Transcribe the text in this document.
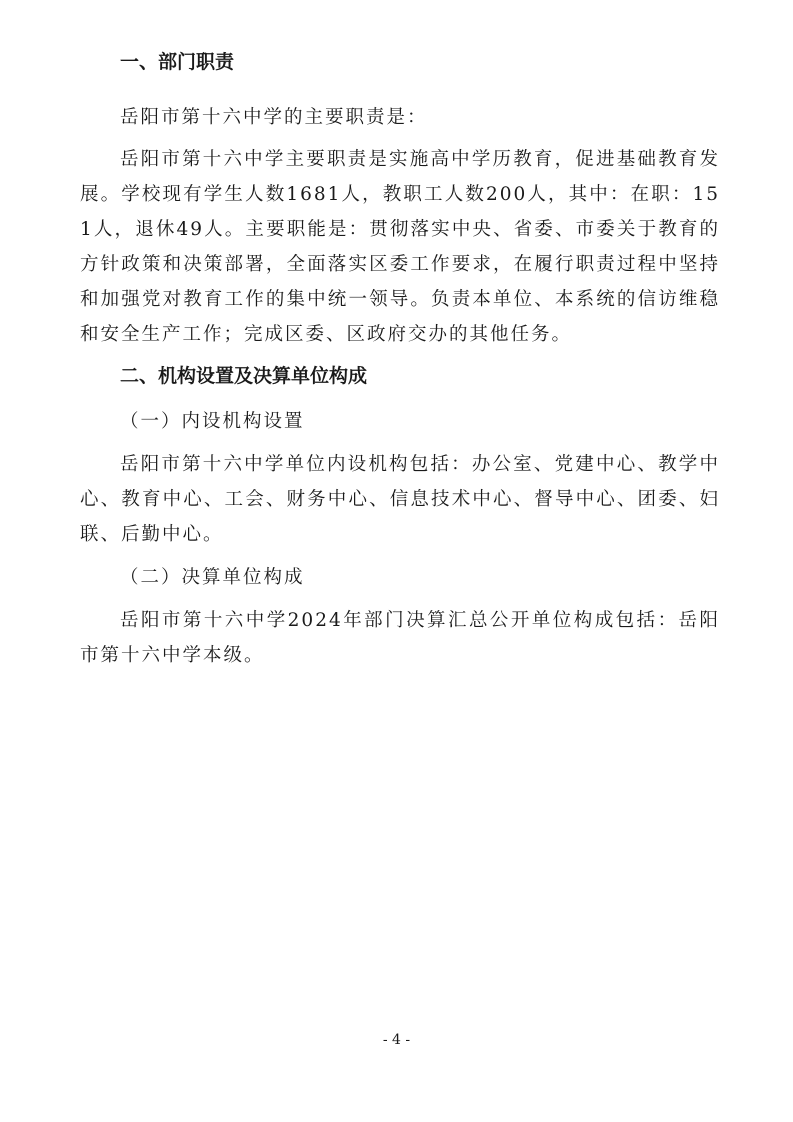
一、部门职责

岳阳市第十六中学的主要职责是：

岳阳市第十六中学主要职责是实施高中学历教育，促进基础教育发展。学校现有学生人数1681人，教职工人数200人，其中：在职：151人，退休49人。主要职能是：贯彻落实中央、省委、市委关于教育的方针政策和决策部署，全面落实区委工作要求，在履行职责过程中坚持和加强党对教育工作的集中统一领导。负责本单位、本系统的信访维稳和安全生产工作；完成区委、区政府交办的其他任务。

二、机构设置及决算单位构成
（一）内设机构设置

岳阳市第十六中学单位内设机构包括：办公室、党建中心、教学中心、教育中心、工会、财务中心、信息技术中心、督导中心、团委、妇联、后勤中心。

（二）决算单位构成

岳阳市第十六中学2024年部门决算汇总公开单位构成包括：岳阳市第十六中学本级。

- 4 -
